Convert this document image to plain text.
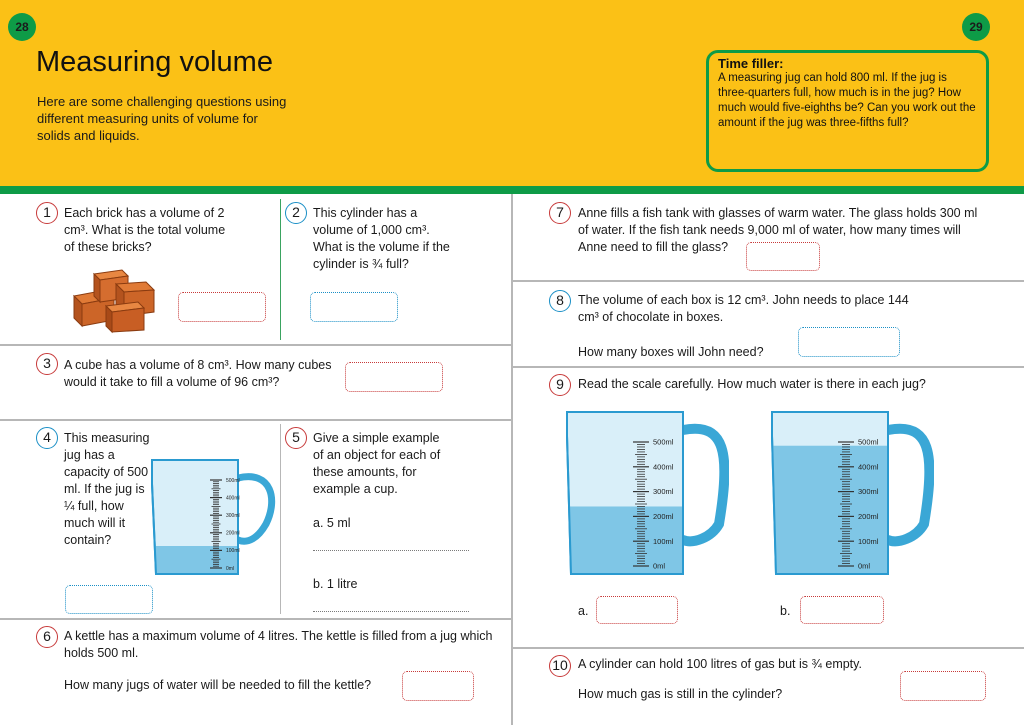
28	29
Measuring volume
Here are some challenging questions using different measuring units of volume for solids and liquids.
Time filler:
A measuring jug can hold 800 ml. If the jug is three-quarters full, how much is in the jug? How much would five-eighths be? Can you work out the amount if the jug was three-fifths full?
1	Each brick has a volume of 2 cm³. What is the total volume of these bricks?
2	This cylinder has a volume of 1,000 cm³. What is the volume if the cylinder is ¾ full?
3	A cube has a volume of 8 cm³. How many cubes would it take to fill a volume of 96 cm³?
4	This measuring jug has a capacity of 500 ml. If the jug is ¼ full, how much will it contain?
500ml
400ml
300ml
200ml
100ml
0ml
5	Give a simple example of an object for each of these amounts, for example a cup.
a. 5 ml
b. 1 litre
6	A kettle has a maximum volume of 4 litres. The kettle is filled from a jug which holds 500 ml.
How many jugs of water will be needed to fill the kettle?
7	Anne fills a fish tank with glasses of warm water. The glass holds 300 ml of water. If the fish tank needs 9,000 ml of water, how many times will Anne need to fill the glass?
8	The volume of each box is 12 cm³. John needs to place 144 cm³ of chocolate in boxes.
How many boxes will John need?
9	Read the scale carefully. How much water is there in each jug?
500ml
400ml
300ml
200ml
100ml
0ml
500ml
400ml
300ml
200ml
100ml
0ml
a.	b.
10 A cylinder can hold 100 litres of gas but is ¾ empty.
How much gas is still in the cylinder?
